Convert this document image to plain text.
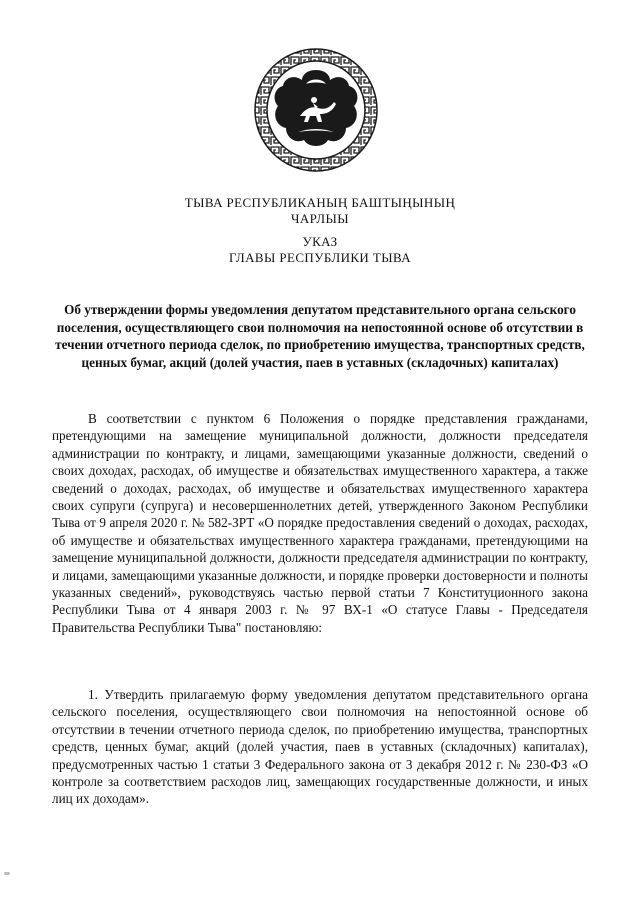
ТЫВА РЕСПУБЛИКАНЫҢ БАШТЫҢЫНЫҢ
ЧАРЛЫЫ
УКАЗ
ГЛАВЫ РЕСПУБЛИКИ ТЫВА
Об утверждении формы уведомления депутатом представительного органа сельского поселения, осуществляющего свои полномочия на непостоянной основе об отсутствии в течении отчетного периода сделок, по приобретению имущества, транспортных средств, ценных бумаг, акций (долей участия, паев в уставных (складочных) капиталах)

В соответствии с пунктом 6 Положения о порядке представления гражданами, претендующими на замещение муниципальной должности, должности председателя администрации по контракту, и лицами, замещающими указанные должности, сведений о своих доходах, расходах, об имуществе и обязательствах имущественного характера, а также сведений о доходах, расходах, об имуществе и обязательствах имущественного характера своих супруги (супруга) и несовершеннолетних детей, утвержденного Законом Республики Тыва от 9 апреля 2020 г. № 582-ЗРТ «О порядке предоставления сведений о доходах, расходах, об имуществе и обязательствах имущественного характера гражданами, претендующими на замещение муниципальной должности, должности председателя администрации по контракту, и лицами, замещающими указанные должности, и порядке проверки достоверности и полноты указанных сведений», руководствуясь частью первой статьи 7 Конституционного закона Республики Тыва от 4 января 2003 г. № 97 ВХ-1 «О статусе Главы - Председателя Правительства Республики Тыва" постановляю:

1. Утвердить прилагаемую форму уведомления депутатом представительного органа сельского поселения, осуществляющего свои полномочия на непостоянной основе об отсутствии в течении отчетного периода сделок, по приобретению имущества, транспортных средств, ценных бумаг, акций (долей участия, паев в уставных (складочных) капиталах), предусмотренных частью 1 статьи 3 Федерального закона от 3 декабря 2012 г. № 230-ФЗ «О контроле за соответствием расходов лиц, замещающих государственные должности, и иных лиц их доходам».
